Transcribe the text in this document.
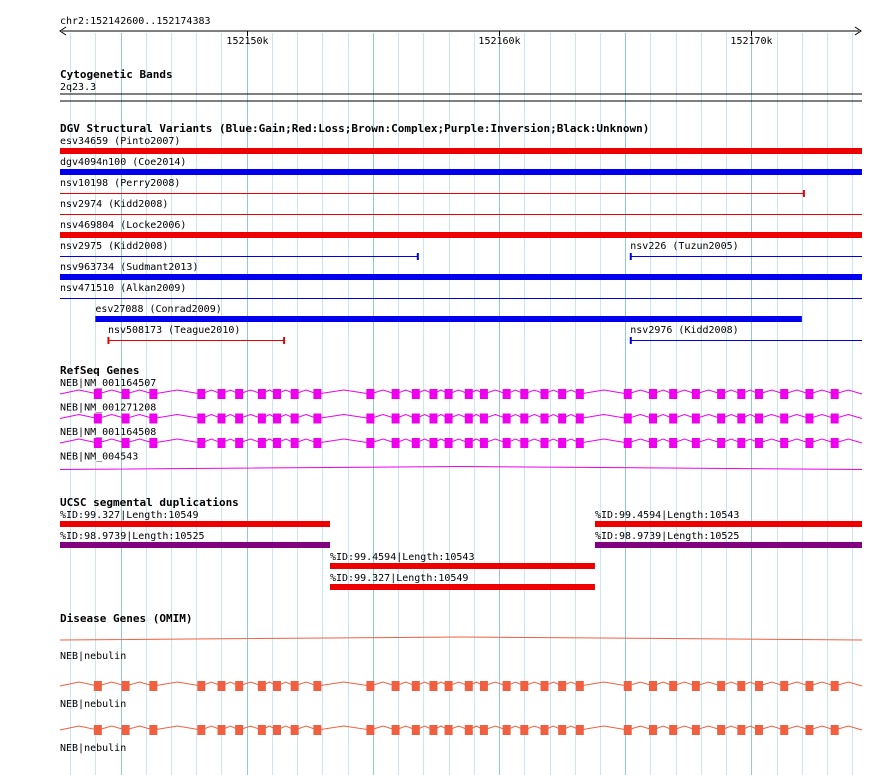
chr2:152142600..152174383
152150k	152160k	152170k
Cytogenetic Bands
2q23.3
DGV Structural Variants (Blue:Gain;Red:Loss;Brown:Complex;Purple:Inversion;Black:Unknown)
esv34659 (Pinto2007)
dgv4094n100 (Coe2014)
nsv10198 (Perry2008)
nsv2974 (Kidd2008)
nsv469804 (Locke2006)
nsv2975 (Kidd2008)	nsv226 (Tuzun2005)
nsv963734 (Sudmant2013)
nsv471510 (Alkan2009)
esv27088 (Conrad2009)
nsv508173 (Teague2010)	nsv2976 (Kidd2008)
RefSeq Genes
NEB|NM_001164507
NEB|NM_001271208
NEB|NM_001164508
NEB|NM_004543
UCSC segmental duplications
%ID:99.327|Length:10549	%ID:99.4594|Length:10543
%ID:98.9739|Length:10525	%ID:98.9739|Length:10525
%ID:99.4594|Length:10543
%ID:99.327|Length:10549
Disease Genes (OMIM)
NEB|nebulin
NEB|nebulin
NEB|nebulin
